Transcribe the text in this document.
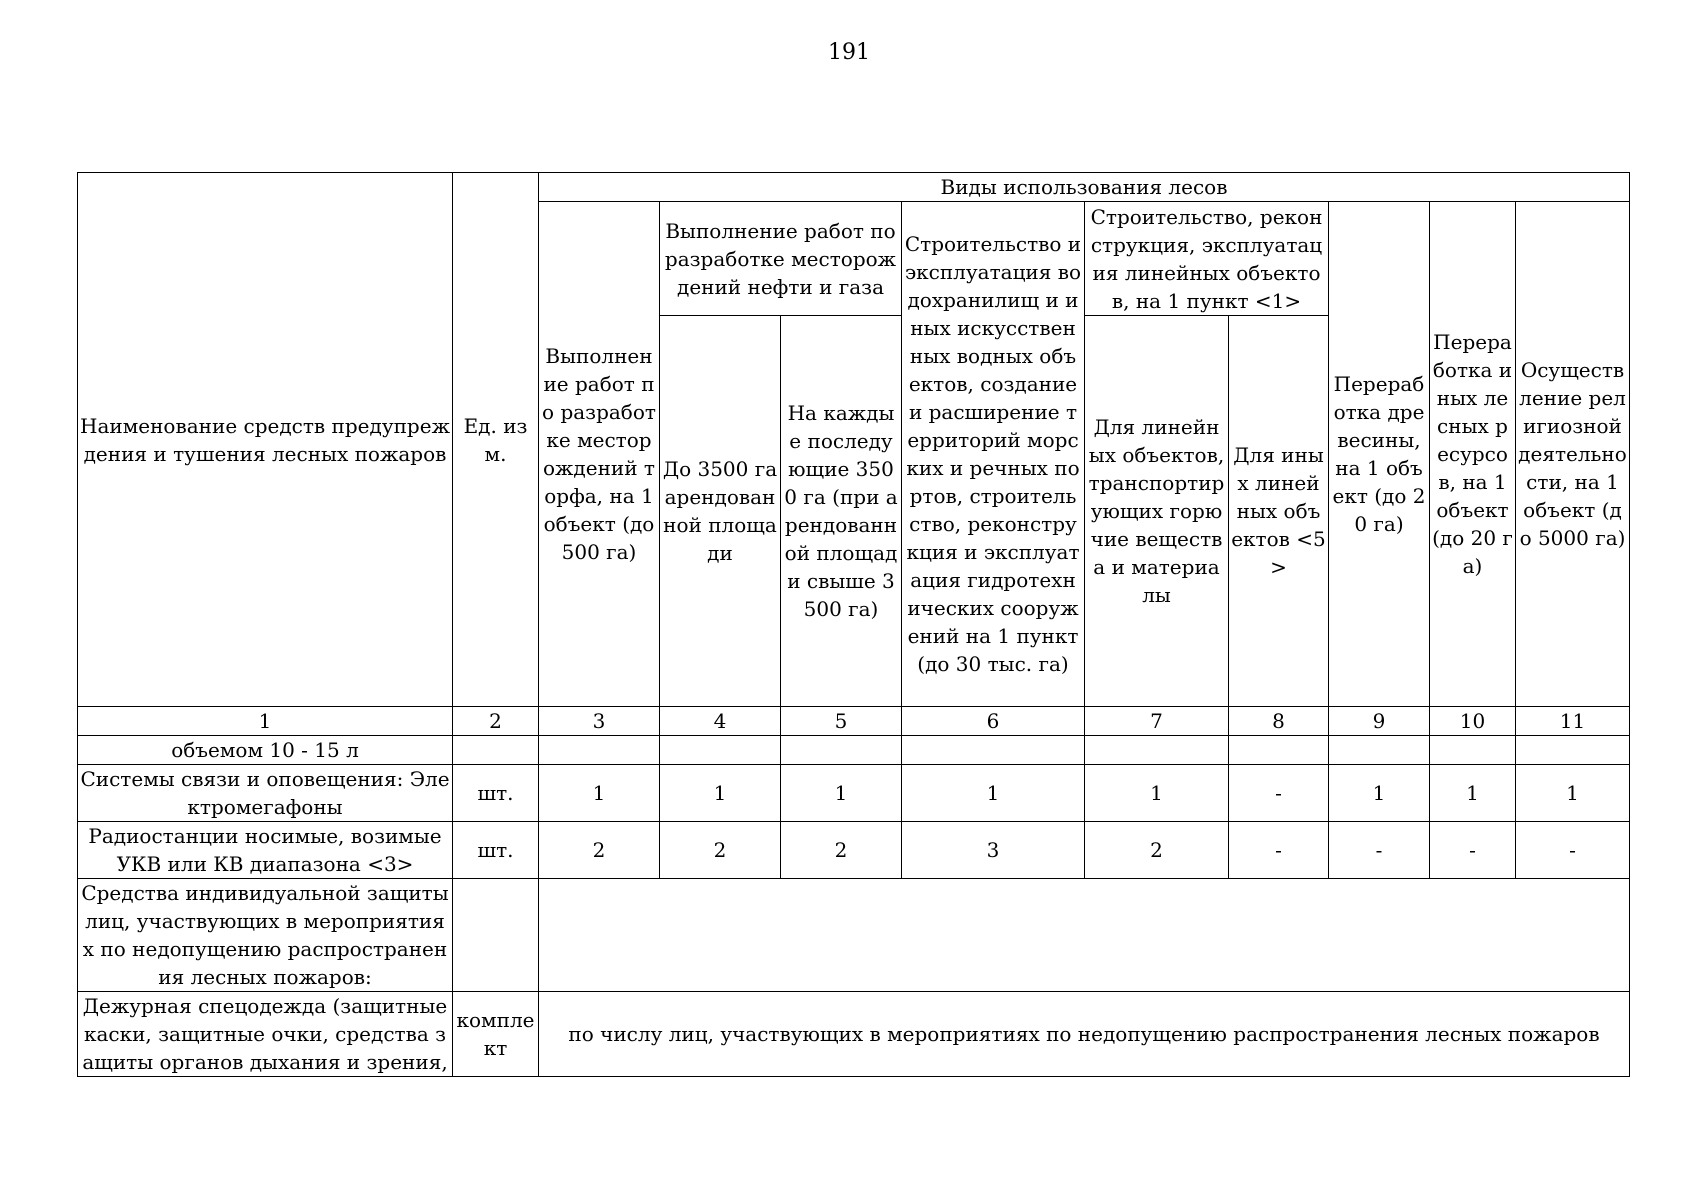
191
Наименование средств предупреждения и тушения лесных пожаров	Ед. изм.	Виды использования лесов								
		Выполнение работ по разработке месторождений торфа, на 1 объект (до 500 га)	Выполнение работ по разработке месторождений нефти и газа		Строительство и эксплуатация водохранилищ и иных искусственных водных объектов, создание и расширение территорий морских и речных портов, строительство, реконструкция и эксплуатация гидротехнических сооружений на 1 пункт (до 30 тыс. га)	Строительство, реконструкция, эксплуатация линейных объектов, на 1 пункт <1>		Переработка древесины, на 1 объект (до 20 га)	Переработка иных лесных ресурсов, на 1 объект (до 20 га)	Осуществление религиозной деятельности, на 1 объект (до 5000 га)
			До 3500 га арендованной площади	На каждые последующие 3500 га (при арендованной площади свыше 3500 га)		Для линейных объектов, транспортирующих горючие вещества и материалы	Для иных линейных объектов <5>			

1	2	3	4	5	6	7	8	9	10	11
объемом 10 - 15 л										
Системы связи и оповещения: Электромегафоны	шт.	1	1	1	1	1	-	1	1	1
Радиостанции носимые, возимые УКВ или КВ диапазона <3>	шт.	2	2	2	3	2	-	-	-	-
Средства индивидуальной защиты лиц, участвующих в мероприятиях по недопущению распространения лесных пожаров:										
Дежурная спецодежда (защитные каски, защитные очки, средства защиты органов дыхания и зрения,	комплект	по числу лиц, участвующих в мероприятиях по недопущению распространения лесных пожаров								
